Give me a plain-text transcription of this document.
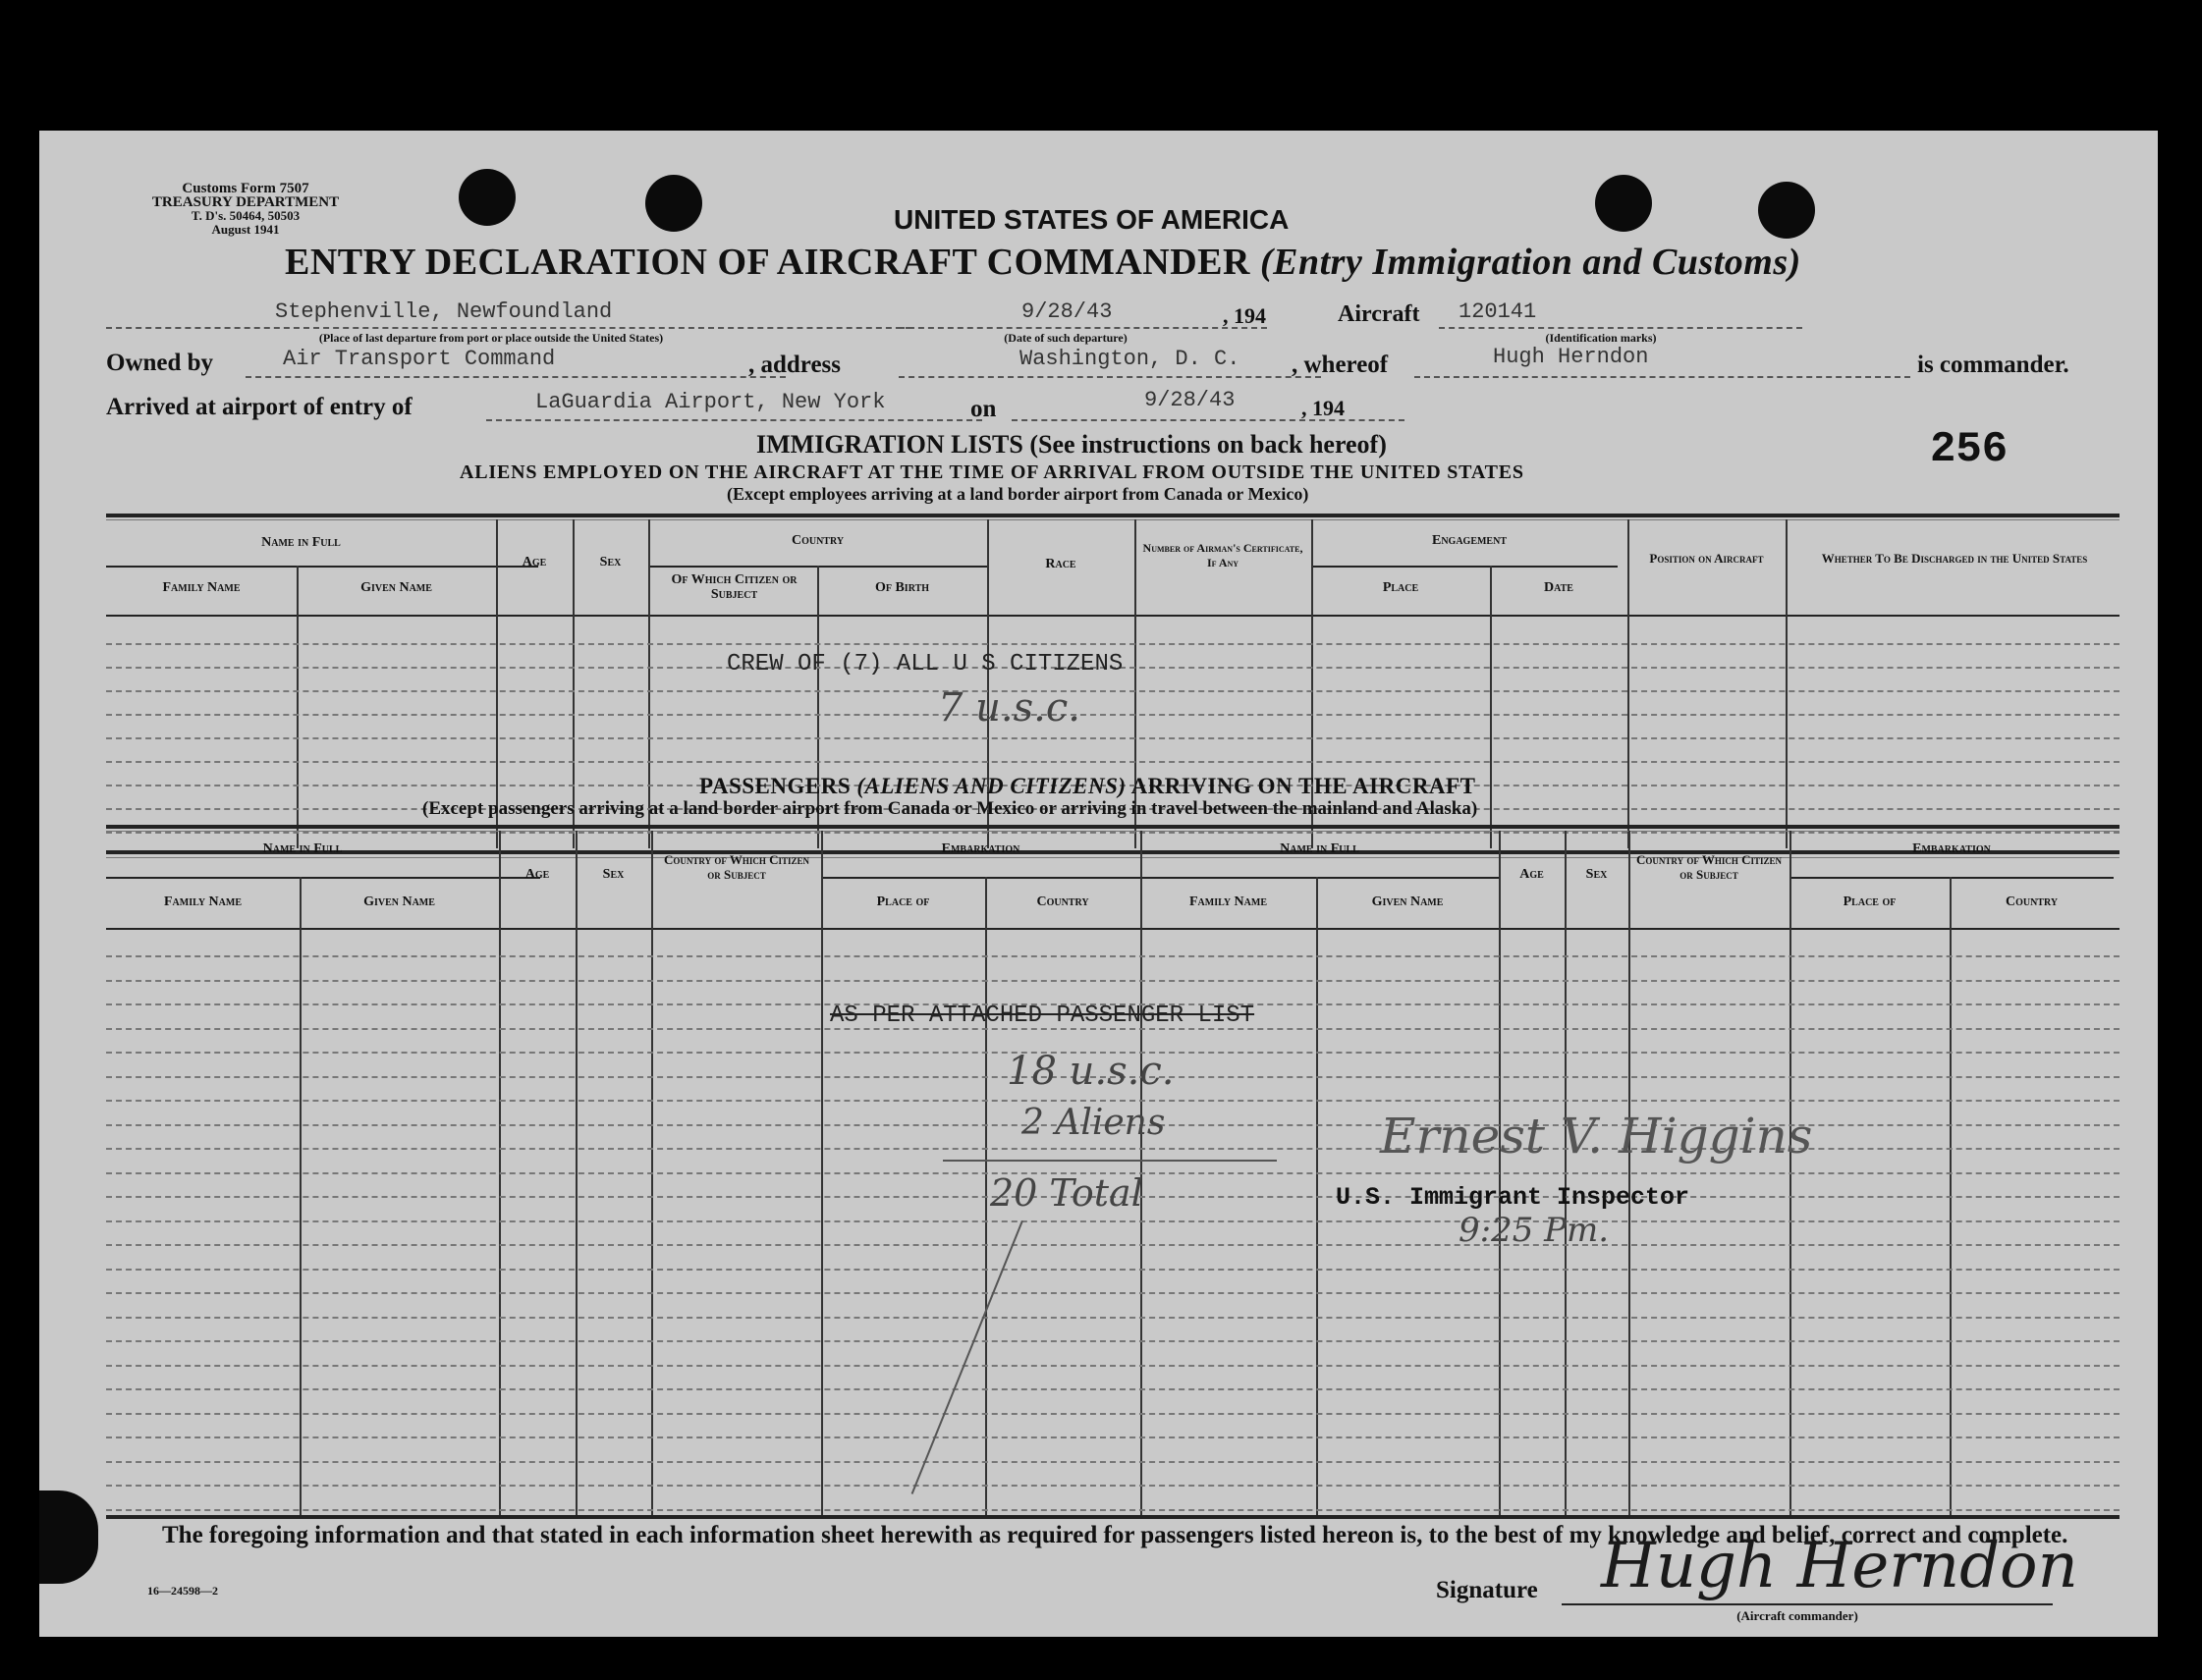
Customs Form 7507
TREASURY DEPARTMENT
T. D's. 50464, 50503
August 1941	UNITED STATES OF AMERICA
ENTRY DECLARATION OF AIRCRAFT COMMANDER (Entry Immigration and Customs)
Stephenville, Newfoundland
(Place of last departure from port or place outside the United States)
9/28/43	, 194
(Date of such departure)
Aircraft 120141
(Identification marks)
Owned by	Air Transport Command	, address	Washington, D. C. , whereof	Hugh Herndon	is commander.
Arrived at airport of entry of	LaGuardia Airport, New York	on	9/28/43	, 194
256
IMMIGRATION LISTS (See instructions on back hereof)
ALIENS EMPLOYED ON THE AIRCRAFT AT THE TIME OF ARRIVAL FROM OUTSIDE THE UNITED STATES
(Except employees arriving at a land border airport from Canada or Mexico)
Name in Full
Family Name	Given Name
Age	Sex
Country
Of Which Citizen or Subject	Of Birth
Race
Number of Airman's Certificate, If Any
Engagement
Place	Date
Position on Aircraft	Whether To Be Discharged in the United States
CREW OF (7) ALL U S CITIZENS
7 u.s.c.
PASSENGERS (ALIENS AND CITIZENS) ARRIVING ON THE AIRCRAFT
(Except passengers arriving at a land border airport from Canada or Mexico or arriving in travel between the mainland and Alaska)
Name in Full
Family Name	Given Name
Age	Sex
Country of Which Citizen or Subject
Embarkation
Place of	Country
Name in Full
Family Name	Given Name
Age	Sex
Country of Which Citizen or Subject
Embarkation
Place of	Country
AS PER ATTACHED PASSENGER LIST
18 u.s.c.
2 Aliens
20 Total
Ernest V. Higgins
U.S. Immigrant Inspector
9:25 Pm.
The foregoing information and that stated in each information sheet herewith as required for passengers listed hereon is, to the best of my knowledge and belief, correct and complete.
16—24598—2	Signature Hugh Herndon
(Aircraft commander)
